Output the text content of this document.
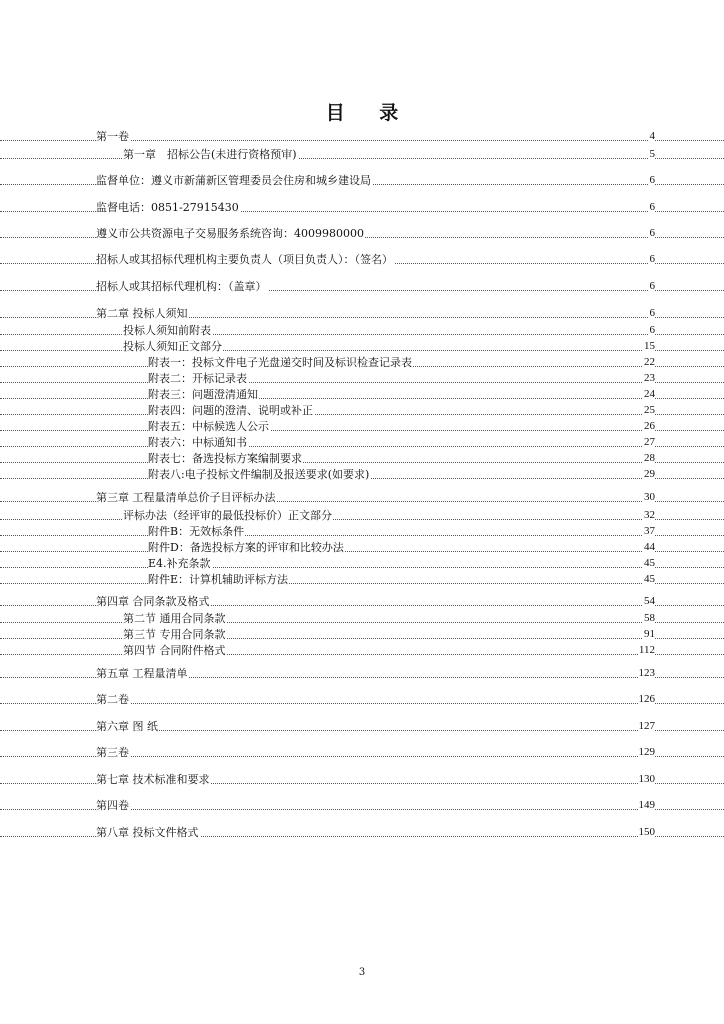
目 录
第一卷	4
第一章　招标公告(未进行资格预审)	5
监督单位：遵义市新蒲新区管理委员会住房和城乡建设局	6
监督电话：0851-27915430	6
遵义市公共资源电子交易服务系统咨询：4009980000	6
招标人或其招标代理机构主要负责人（项目负责人）：（签名）	6
招标人或其招标代理机构：（盖章）	6
第二章 投标人须知	6
投标人须知前附表	6
投标人须知正文部分	15
附表一：投标文件电子光盘递交时间及标识检查记录表	22
附表二：开标记录表	23
附表三：问题澄清通知	24
附表四：问题的澄清、说明或补正	25
附表五：中标候选人公示	26
附表六：中标通知书	27
附表七：备选投标方案编制要求	28
附表八:电子投标文件编制及报送要求(如要求)	29
第三章 工程量清单总价子目评标办法	30
评标办法（经评审的最低投标价）正文部分	32
附件B：无效标条件	37
附件D：备选投标方案的评审和比较办法	44
E4.补充条款	45
附件E：计算机辅助评标方法	45
第四章 合同条款及格式	54
第二节 通用合同条款	58
第三节 专用合同条款	91
第四节 合同附件格式	112
第五章 工程量清单	123
第二卷	126
第六章 图 纸	127
第三卷	129
第七章 技术标准和要求	130
第四卷	149
第八章 投标文件格式	150
3
